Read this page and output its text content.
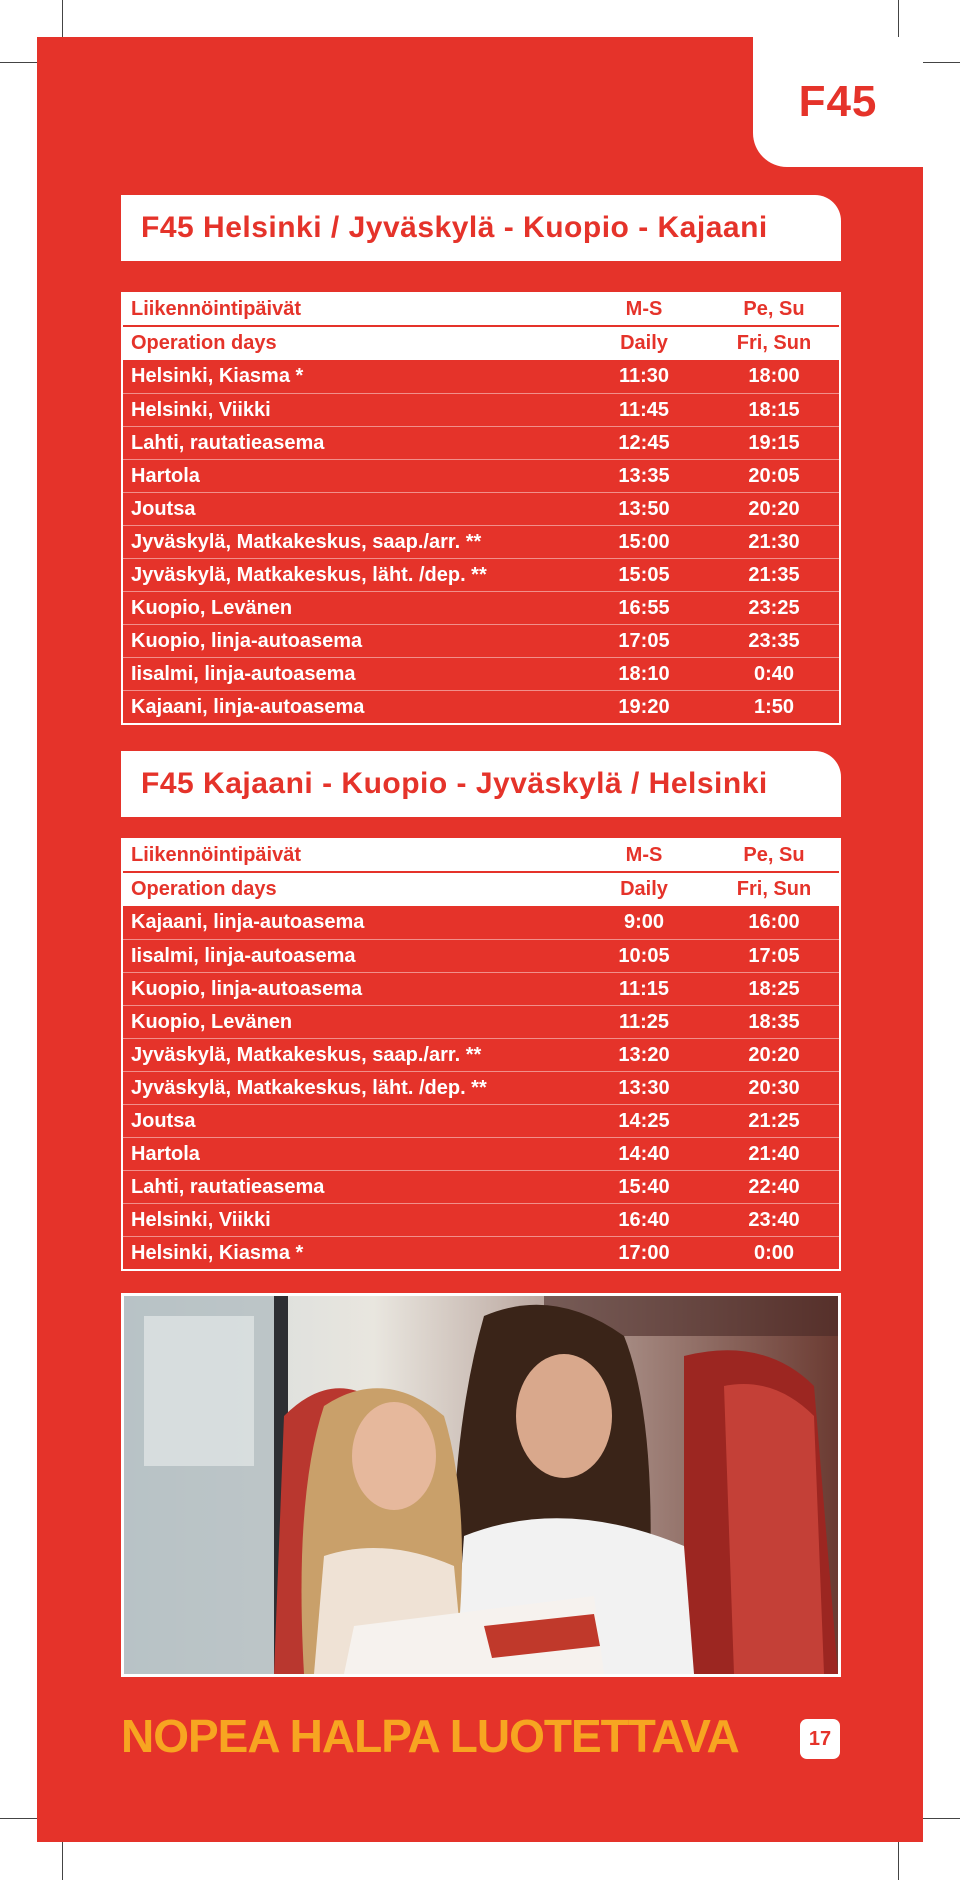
F45
F45 Helsinki / Jyväskylä - Kuopio - Kajaani
Liikennöintipäivät	M-S	Pe, Su
Operation days	Daily	Fri, Sun
Helsinki, Kiasma *	11:30	18:00
Helsinki, Viikki	11:45	18:15
Lahti, rautatieasema	12:45	19:15
Hartola	13:35	20:05
Joutsa	13:50	20:20
Jyväskylä, Matkakeskus, saap./arr. **	15:00	21:30
Jyväskylä, Matkakeskus, läht. /dep. **	15:05	21:35
Kuopio, Levänen	16:55	23:25
Kuopio, linja-autoasema	17:05	23:35
Iisalmi, linja-autoasema	18:10	0:40
Kajaani, linja-autoasema	19:20	1:50
F45 Kajaani - Kuopio - Jyväskylä / Helsinki
Liikennöintipäivät	M-S	Pe, Su
Operation days	Daily	Fri, Sun
Kajaani, linja-autoasema	9:00	16:00
Iisalmi, linja-autoasema	10:05	17:05
Kuopio, linja-autoasema	11:15	18:25
Kuopio, Levänen	11:25	18:35
Jyväskylä, Matkakeskus, saap./arr. **	13:20	20:20
Jyväskylä, Matkakeskus, läht. /dep. **	13:30	20:30
Joutsa	14:25	21:25
Hartola	14:40	21:40
Lahti, rautatieasema	15:40	22:40
Helsinki, Viikki	16:40	23:40
Helsinki, Kiasma *	17:00	0:00
NOPEA HALPA LUOTETTAVA	17
